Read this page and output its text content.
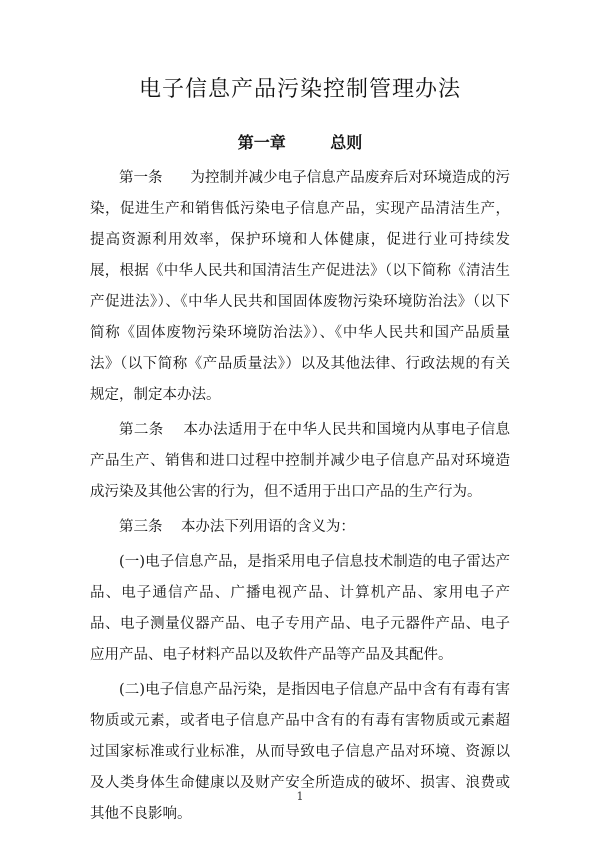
电子信息产品污染控制管理办法
第一章        总则

第一条      为控制并减少电子信息产品废弃后对环境造成的污染，促进生产和销售低污染电子信息产品，实现产品清洁生产，提高资源利用效率，保护环境和人体健康，促进行业可持续发展，根据《中华人民共和国清洁生产促进法》（以下简称《清洁生产促进法》）、《中华人民共和国固体废物污染环境防治法》（以下简称《固体废物污染环境防治法》）、《中华人民共和国产品质量法》（以下简称《产品质量法》）以及其他法律、行政法规的有关规定，制定本办法。

第二条    本办法适用于在中华人民共和国境内从事电子信息产品生产、销售和进口过程中控制并减少电子信息产品对环境造成污染及其他公害的行为，但不适用于出口产品的生产行为。

第三条    本办法下列用语的含义为：

(一)电子信息产品，是指采用电子信息技术制造的电子雷达产品、电子通信产品、广播电视产品、计算机产品、家用电子产品、电子测量仪器产品、电子专用产品、电子元器件产品、电子应用产品、电子材料产品以及软件产品等产品及其配件。

(二)电子信息产品污染，是指因电子信息产品中含有有毒有害物质或元素，或者电子信息产品中含有的有毒有害物质或元素超过国家标准或行业标准，从而导致电子信息产品对环境、资源以及人类身体生命健康以及财产安全所造成的破坏、损害、浪费或其他不良影响。

1
